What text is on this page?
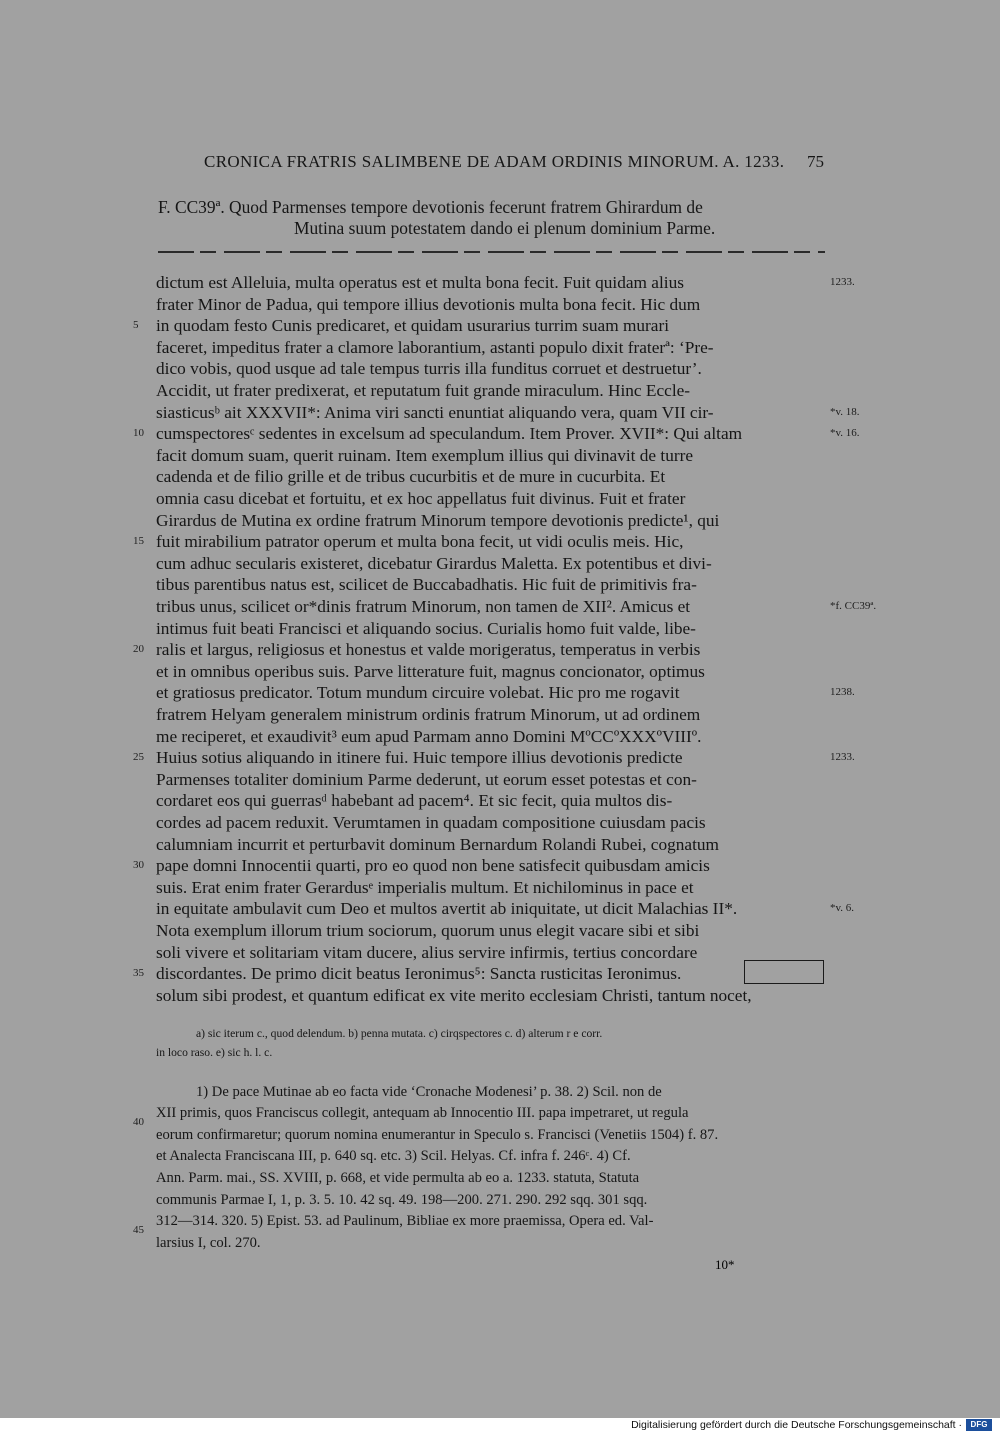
CRONICA FRATRIS SALIMBENE DE ADAM ORDINIS MINORUM. A. 1233. 75
F. CC39ª. Quod Parmenses tempore devotionis fecerunt fratrem Ghirardum de
Mutina suum potestatem dando ei plenum dominium Parme.
dictum est Alleluia, multa operatus est et multa bona fecit. Fuit quidam alius
frater Minor de Padua, qui tempore illius devotionis multa bona fecit. Hic dum
in quodam festo Cunis predicaret, et quidam usurarius turrim suam murari
faceret, impeditus frater a clamore laborantium, astanti populo dixit fraterª: ‘Pre-
dico vobis, quod usque ad tale tempus turris illa funditus corruet et destruetur’.
Accidit, ut frater predixerat, et reputatum fuit grande miraculum. Hinc Eccle-
siasticusᵇ ait XXXVII*: Anima viri sancti enuntiat aliquando vera, quam VII cir-
cumspectoresᶜ sedentes in excelsum ad speculandum. Item Prover. XVII*: Qui altam
facit domum suam, querit ruinam. Item exemplum illius qui divinavit de turre
cadenda et de filio grille et de tribus cucurbitis et de mure in cucurbita. Et
omnia casu dicebat et fortuitu, et ex hoc appellatus fuit divinus. Fuit et frater
Girardus de Mutina ex ordine fratrum Minorum tempore devotionis predicte¹, qui
fuit mirabilium patrator operum et multa bona fecit, ut vidi oculis meis. Hic,
cum adhuc secularis existeret, dicebatur Girardus Maletta. Ex potentibus et divi-
tibus parentibus natus est, scilicet de Buccabadhatis. Hic fuit de primitivis fra-
tribus unus, scilicet or*dinis fratrum Minorum, non tamen de XII². Amicus et
intimus fuit beati Francisci et aliquando socius. Curialis homo fuit valde, libe-
ralis et largus, religiosus et honestus et valde morigeratus, temperatus in verbis
et in omnibus operibus suis. Parve litterature fuit, magnus concionator, optimus
et gratiosus predicator. Totum mundum circuire volebat. Hic pro me rogavit
fratrem Helyam generalem ministrum ordinis fratrum Minorum, ut ad ordinem
me reciperet, et exaudivit³ eum apud Parmam anno Domini MºCCºXXXºVIIIº.
Huius sotius aliquando in itinere fui. Huic tempore illius devotionis predicte
Parmenses totaliter dominium Parme dederunt, ut eorum esset potestas et con-
cordaret eos qui guerrasᵈ habebant ad pacem⁴. Et sic fecit, quia multos dis-
cordes ad pacem reduxit. Verumtamen in quadam compositione cuiusdam pacis
calumniam incurrit et perturbavit dominum Bernardum Rolandi Rubei, cognatum
pape domni Innocentii quarti, pro eo quod non bene satisfecit quibusdam amicis
suis. Erat enim frater Gerardusᵉ imperialis multum. Et nichilominus in pace et
in equitate ambulavit cum Deo et multos avertit ab iniquitate, ut dicit Malachias II*.
Nota exemplum illorum trium sociorum, quorum unus elegit vacare sibi et sibi
soli vivere et solitariam vitam ducere, alius servire infirmis, tertius concordare
discordantes. De primo dicit beatus Ieronimus⁵: Sancta rusticitas Ieronimus.
solum sibi prodest, et quantum edificat ex vite merito ecclesiam Christi, tantum nocet,
5
10
15
20
25
30
35
40
45
1233.
*v. 18.
*v. 16.
*f. CC39ª.
1238.
1233.
*v. 6.
a) sic iterum c., quod delendum. b) penna mutata. c) cirqspectores c. d) alterum r e corr.
in loco raso. e) sic h. l. c.
1) De pace Mutinae ab eo facta vide ‘Cronache Modenesi’ p. 38. 2) Scil. non de
XII primis, quos Franciscus collegit, antequam ab Innocentio III. papa impetraret, ut regula
eorum confirmaretur; quorum nomina enumerantur in Speculo s. Francisci (Venetiis 1504) f. 87.
et Analecta Franciscana III, p. 640 sq. etc. 3) Scil. Helyas. Cf. infra f. 246ᶜ. 4) Cf.
Ann. Parm. mai., SS. XVIII, p. 668, et vide permulta ab eo a. 1233. statuta, Statuta
communis Parmae I, 1, p. 3. 5. 10. 42 sq. 49. 198—200. 271. 290. 292 sqq. 301 sqq.
312—314. 320. 5) Epist. 53. ad Paulinum, Bibliae ex more praemissa, Opera ed. Val-
larsius I, col. 270.
10*
Digitalisierung gefördert durch die Deutsche Forschungsgemeinschaft ·	DFG
